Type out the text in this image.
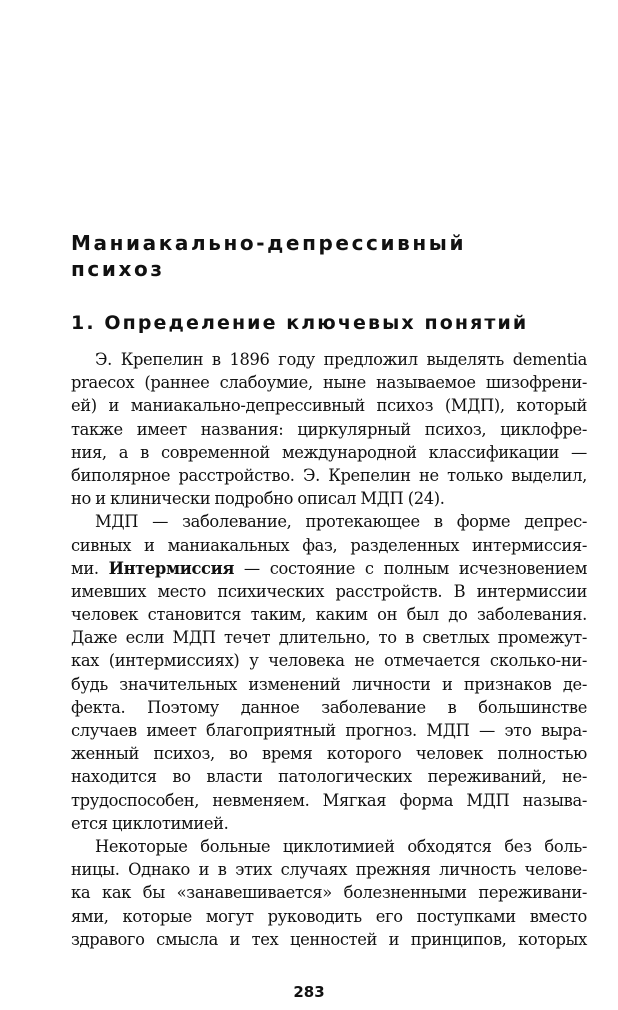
Маниакально-депрессивный
психоз
1. Определение ключевых понятий

Э. Крепелин в 1896 году предложил выделять dementia
praecox (раннее слабоумие, ныне называемое шизофрени-
ей) и маниакально-депрессивный психоз (МДП), который
также имеет названия: циркулярный психоз, циклофре-
ния, а в современной международной классификации —
биполярное расстройство. Э. Крепелин не только выделил,
но и клинически подробно описал МДП (24).

МДП — заболевание, протекающее в форме депрес-
сивных и маниакальных фаз, разделенных интермиссия-
ми. Интермиссия — состояние с полным исчезновением
имевших место психических расстройств. В интермиссии
человек становится таким, каким он был до заболевания.
Даже если МДП течет длительно, то в светлых промежут-
ках (интермиссиях) у человека не отмечается сколько-ни-
будь значительных изменений личности и признаков де-
фекта. Поэтому данное заболевание в большинстве
случаев имеет благоприятный прогноз. МДП — это выра-
женный психоз, во время которого человек полностью
находится во власти патологических переживаний, не-
трудоспособен, невменяем. Мягкая форма МДП называ-
ется циклотимией.

Некоторые больные циклотимией обходятся без боль-
ницы. Однако и в этих случаях прежняя личность челове-
ка как бы «занавешивается» болезненными переживани-
ями, которые могут руководить его поступками вместо
здравого смысла и тех ценностей и принципов, которых

283
